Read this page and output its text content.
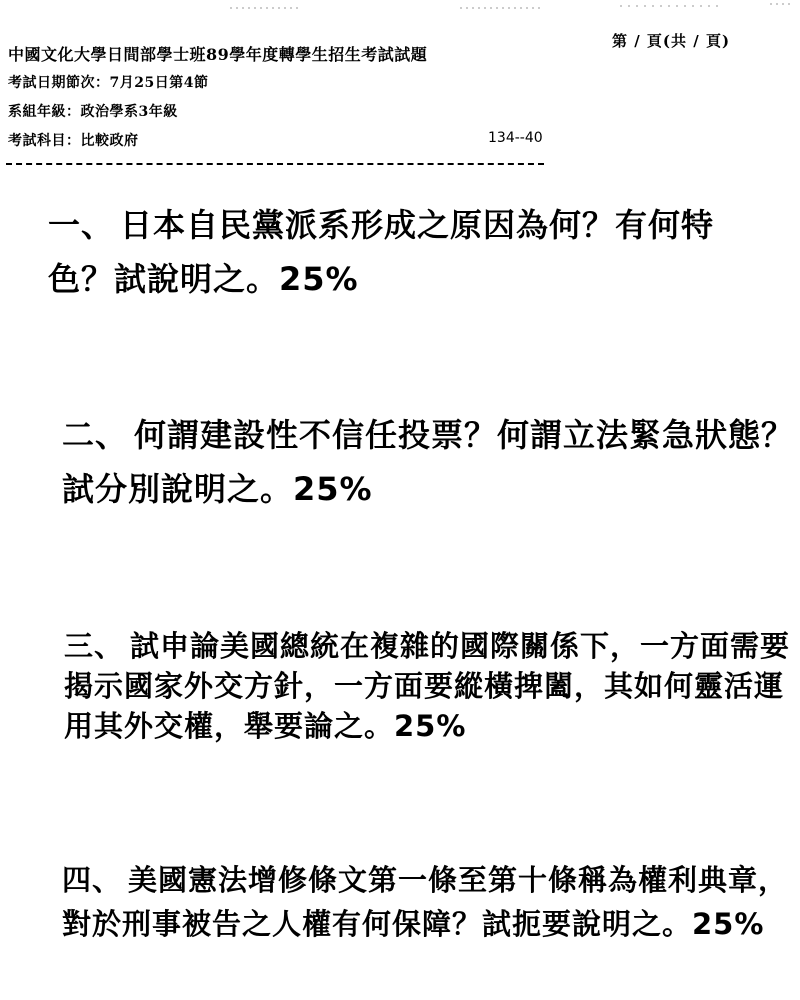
第 / 頁(共 / 頁)
中國文化大學日間部學士班89學年度轉學生招生考試試題
考試日期節次：7月25日第4節
系組年級：政治學系3年級
考試科目：比較政府	134--40
一、 日本自民黨派系形成之原因為何？有何特色？試說明之。25%
二、 何謂建設性不信任投票？何謂立法緊急狀態？試分別說明之。25%
三、 試申論美國總統在複雜的國際關係下，一方面需要揭示國家外交方針，一方面要縱橫捭闔，其如何靈活運用其外交權，舉要論之。25%
四、 美國憲法增修條文第一條至第十條稱為權利典章，對於刑事被告之人權有何保障？試扼要說明之。25%
